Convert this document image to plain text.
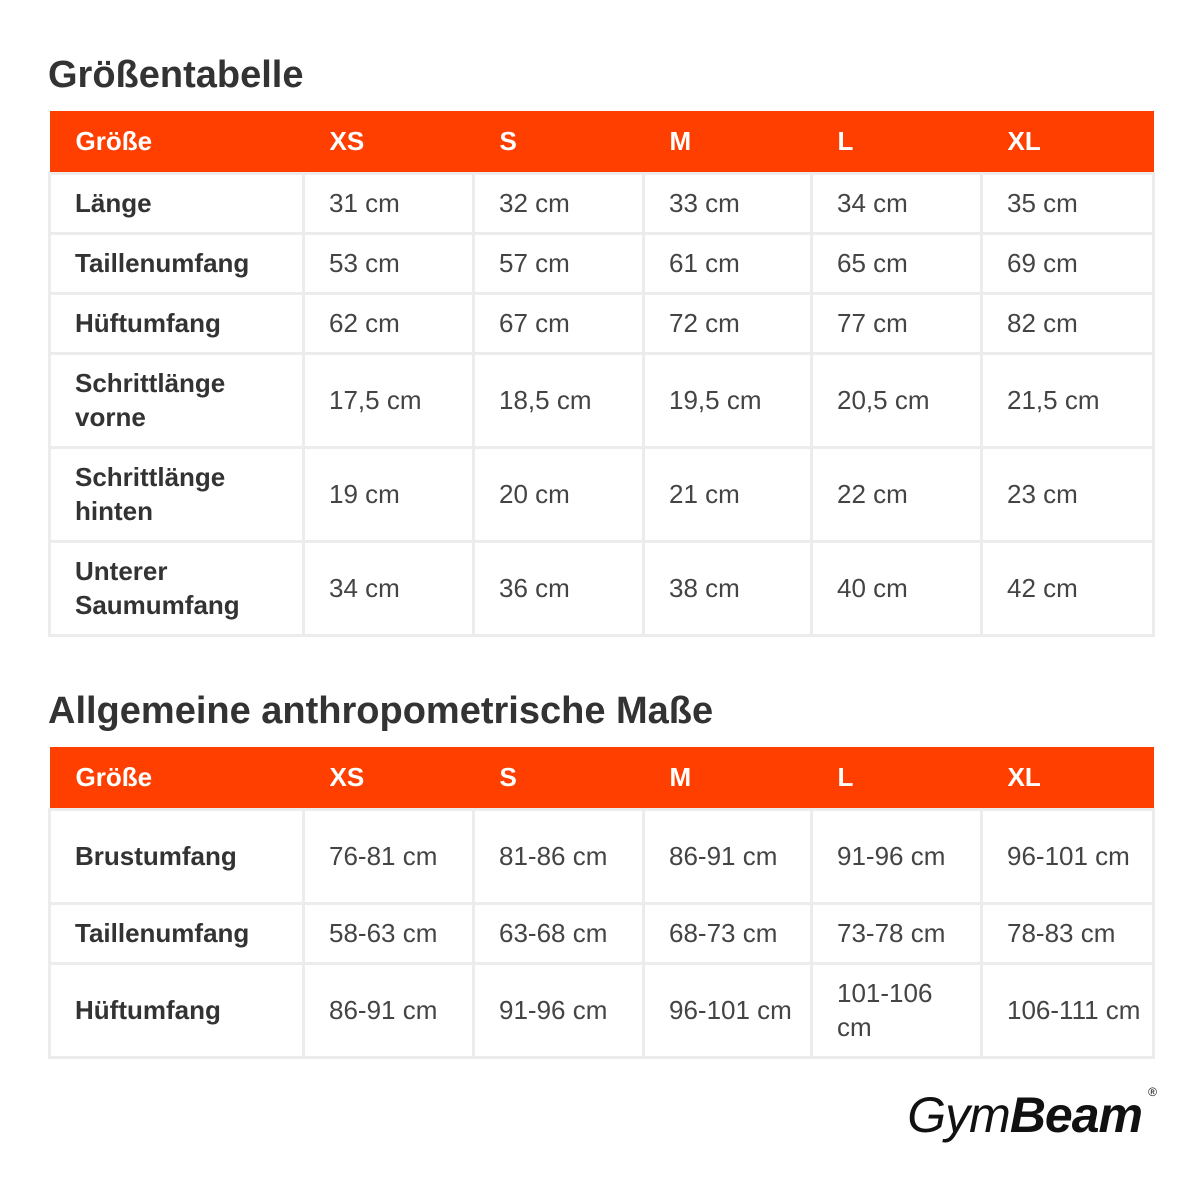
Größentabelle
Größe	XS	S	M	L	XL
Länge	31 cm	32 cm	33 cm	34 cm	35 cm
Taillenumfang	53 cm	57 cm	61 cm	65 cm	69 cm
Hüftumfang	62 cm	67 cm	72 cm	77 cm	82 cm
Schrittlänge vorne	17,5 cm	18,5 cm	19,5 cm	20,5 cm	21,5 cm
Schrittlänge hinten	19 cm	20 cm	21 cm	22 cm	23 cm
Unterer Saumumfang	34 cm	36 cm	38 cm	40 cm	42 cm
Allgemeine anthropometrische Maße
Größe	XS	S	M	L	XL
Brustumfang	76-81 cm	81-86 cm	86-91 cm	91-96 cm	96-101 cm
Taillenumfang	58-63 cm	63-68 cm	68-73 cm	73-78 cm	78-83 cm
Hüftumfang	86-91 cm	91-96 cm	96-101 cm	101-106 cm	106-111 cm
GymBeam ®
